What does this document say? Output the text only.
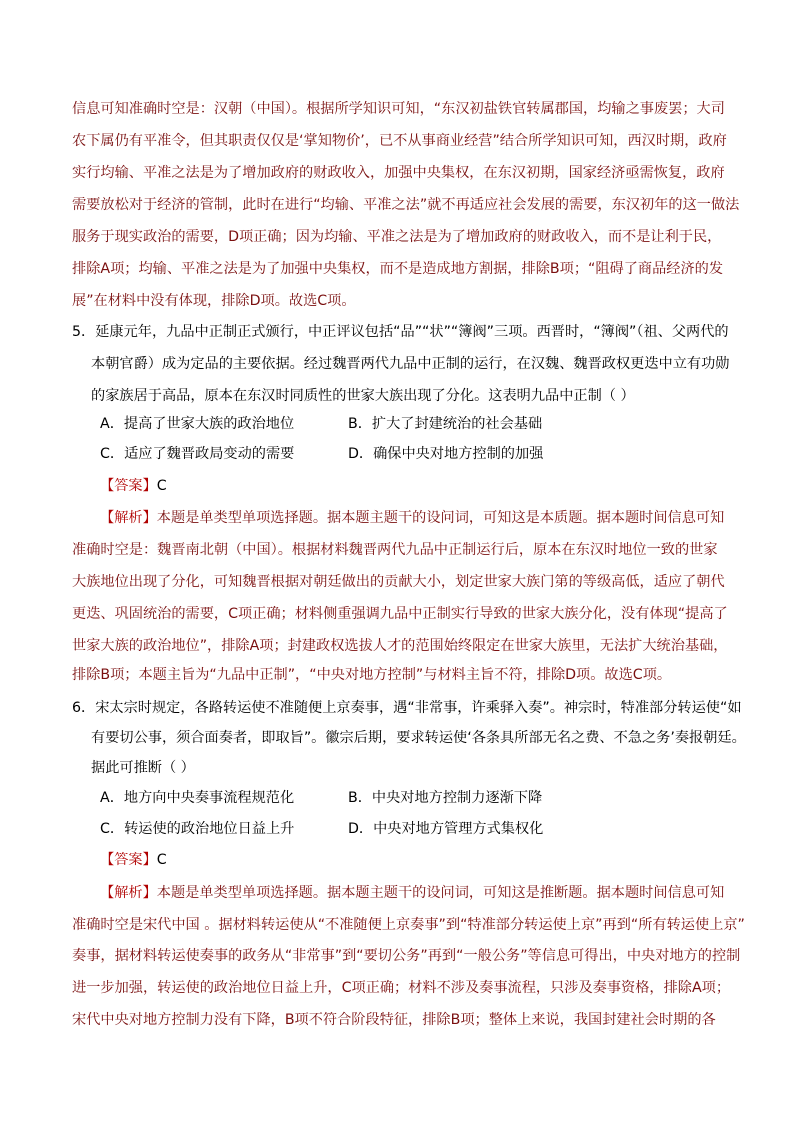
信息可知准确时空是：汉朝（中国）。根据所学知识可知，“东汉初盐铁官转属郡国，均输之事废罢；大司
农下属仍有平准令，但其职责仅仅是‘掌知物价’，已不从事商业经营”结合所学知识可知，西汉时期，政府
实行均输、平准之法是为了增加政府的财政收入，加强中央集权，在东汉初期，国家经济亟需恢复，政府
需要放松对于经济的管制，此时在进行“均输、平准之法”就不再适应社会发展的需要，东汉初年的这一做法
服务于现实政治的需要，D项正确；因为均输、平准之法是为了增加政府的财政收入，而不是让利于民，
排除A项；均输、平准之法是为了加强中央集权，而不是造成地方割据，排除B项；“阻碍了商品经济的发
展”在材料中没有体现，排除D项。故选C项。
5．延康元年，九品中正制正式颁行，中正评议包括“品”“状”“簿阀”三项。西晋时，“簿阀”（祖、父两代的
本朝官爵）成为定品的主要依据。经过魏晋两代九品中正制的运行，在汉魏、魏晋政权更迭中立有功勋
的家族居于高品，原本在东汉时同质性的世家大族出现了分化。这表明九品中正制（ ）
A．提高了世家大族的政治地位	B．扩大了封建统治的社会基础
C．适应了魏晋政局变动的需要	D．确保中央对地方控制的加强
【答案】C
【解析】本题是单类型单项选择题。据本题主题干的设问词，可知这是本质题。据本题时间信息可知
准确时空是：魏晋南北朝（中国）。根据材料魏晋两代九品中正制运行后，原本在东汉时地位一致的世家
大族地位出现了分化，可知魏晋根据对朝廷做出的贡献大小，划定世家大族门第的等级高低，适应了朝代
更迭、巩固统治的需要，C项正确；材料侧重强调九品中正制实行导致的世家大族分化，没有体现“提高了
世家大族的政治地位”，排除A项；封建政权选拔人才的范围始终限定在世家大族里，无法扩大统治基础，
排除B项；本题主旨为“九品中正制”，“中央对地方控制”与材料主旨不符，排除D项。故选C项。
6．宋太宗时规定，各路转运使不准随便上京奏事，遇“非常事，许乘驿入奏”。神宗时，特准部分转运使“如
有要切公事，须合面奏者，即取旨”。徽宗后期，要求转运使‘各条具所部无名之费、不急之务’奏报朝廷。
据此可推断（ ）
A．地方向中央奏事流程规范化	B．中央对地方控制力逐渐下降
C．转运使的政治地位日益上升	D．中央对地方管理方式集权化
【答案】C
【解析】本题是单类型单项选择题。据本题主题干的设问词，可知这是推断题。据本题时间信息可知
准确时空是宋代中国 。据材料转运使从“不准随便上京奏事”到“特准部分转运使上京”再到“所有转运使上京”
奏事，据材料转运使奏事的政务从“非常事”到“要切公务”再到“一般公务”等信息可得出，中央对地方的控制
进一步加强，转运使的政治地位日益上升，C项正确；材料不涉及奏事流程，只涉及奏事资格，排除A项；
宋代中央对地方控制力没有下降，B项不符合阶段特征，排除B项；整体上来说，我国封建社会时期的各
